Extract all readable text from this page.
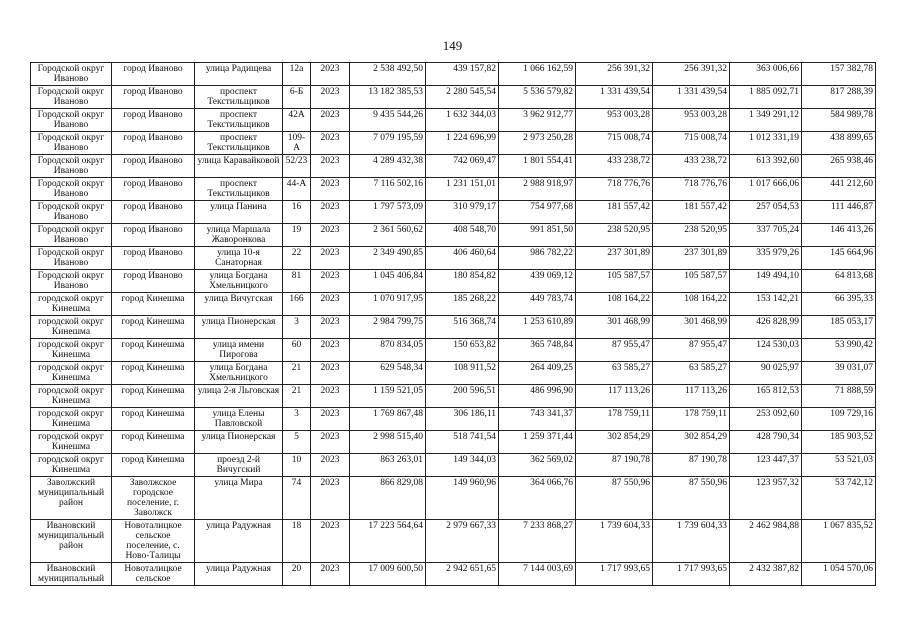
149
Городской округ Иваново	город Иваново	улица Радищева	12а	2023	2 538 492,50	439 157,82	1 066 162,59	256 391,32	256 391,32	363 006,66	157 382,78
Городской округ Иваново	город Иваново	проспект Текстильщиков	6-Б	2023	13 182 385,53	2 280 545,54	5 536 579,82	1 331 439,54	1 331 439,54	1 885 092,71	817 288,39
Городской округ Иваново	город Иваново	проспект Текстильщиков	42А	2023	9 435 544,26	1 632 344,03	3 962 912,77	953 003,28	953 003,28	1 349 291,12	584 989,78
Городской округ Иваново	город Иваново	проспект Текстильщиков	109-А	2023	7 079 195,59	1 224 696,99	2 973 250,28	715 008,74	715 008,74	1 012 331,19	438 899,65
Городской округ Иваново	город Иваново	улица Каравайковой	52/23	2023	4 289 432,38	742 069,47	1 801 554,41	433 238,72	433 238,72	613 392,60	265 938,46
Городской округ Иваново	город Иваново	проспект Текстильщиков	44-А	2023	7 116 502,16	1 231 151,01	2 988 918,97	718 776,76	718 776,76	1 017 666,06	441 212,60
Городской округ Иваново	город Иваново	улица Панина	16	2023	1 797 573,09	310 979,17	754 977,68	181 557,42	181 557,42	257 054,53	111 446,87
Городской округ Иваново	город Иваново	улица Маршала Жаворонкова	19	2023	2 361 560,62	408 548,70	991 851,50	238 520,95	238 520,95	337 705,24	146 413,26
Городской округ Иваново	город Иваново	улица 10-я Санаторная	22	2023	2 349 490,85	406 460,64	986 782,22	237 301,89	237 301,89	335 979,26	145 664,96
Городской округ Иваново	город Иваново	улица Богдана Хмельницкого	81	2023	1 045 406,84	180 854,82	439 069,12	105 587,57	105 587,57	149 494,10	64 813,68
городской округ Кинешма	город Кинешма	улица Вичугская	166	2023	1 070 917,95	185 268,22	449 783,74	108 164,22	108 164,22	153 142,21	66 395,33
городской округ Кинешма	город Кинешма	улица Пионерская	3	2023	2 984 799,75	516 368,74	1 253 610,89	301 468,99	301 468,99	426 828,99	185 053,17
городской округ Кинешма	город Кинешма	улица имени Пирогова	60	2023	870 834,05	150 653,82	365 748,84	87 955,47	87 955,47	124 530,03	53 990,42
городской округ Кинешма	город Кинешма	улица Богдана Хмельницкого	21	2023	629 548,34	108 911,52	264 409,25	63 585,27	63 585,27	90 025,97	39 031,07
городской округ Кинешма	город Кинешма	улица 2-я Льговская	21	2023	1 159 521,05	200 596,51	486 996,90	117 113,26	117 113,26	165 812,53	71 888,59
городской округ Кинешма	город Кинешма	улица Елены Павловской	3	2023	1 769 867,48	306 186,11	743 341,37	178 759,11	178 759,11	253 092,60	109 729,16
городской округ Кинешма	город Кинешма	улица Пионерская	5	2023	2 998 515,40	518 741,54	1 259 371,44	302 854,29	302 854,29	428 790,34	185 903,52
городской округ Кинешма	город Кинешма	проезд 2-й Вичугский	10	2023	863 263,01	149 344,03	362 569,02	87 190,78	87 190,78	123 447,37	53 521,03
Заволжский муниципальный район	Заволжское городское поселение, г. Заволжск	улица Мира	74	2023	866 829,08	149 960,96	364 066,76	87 550,96	87 550,96	123 957,32	53 742,12
Ивановский муниципальный район	Новоталицкое сельское поселение, с. Ново-Талицы	улица Радужная	18	2023	17 223 564,64	2 979 667,33	7 233 868,27	1 739 604,33	1 739 604,33	2 462 984,88	1 067 835,52
Ивановский муниципальный	Новоталицкое сельское	улица Радужная	20	2023	17 009 600,50	2 942 651,65	7 144 003,69	1 717 993,65	1 717 993,65	2 432 387,82	1 054 570,06
